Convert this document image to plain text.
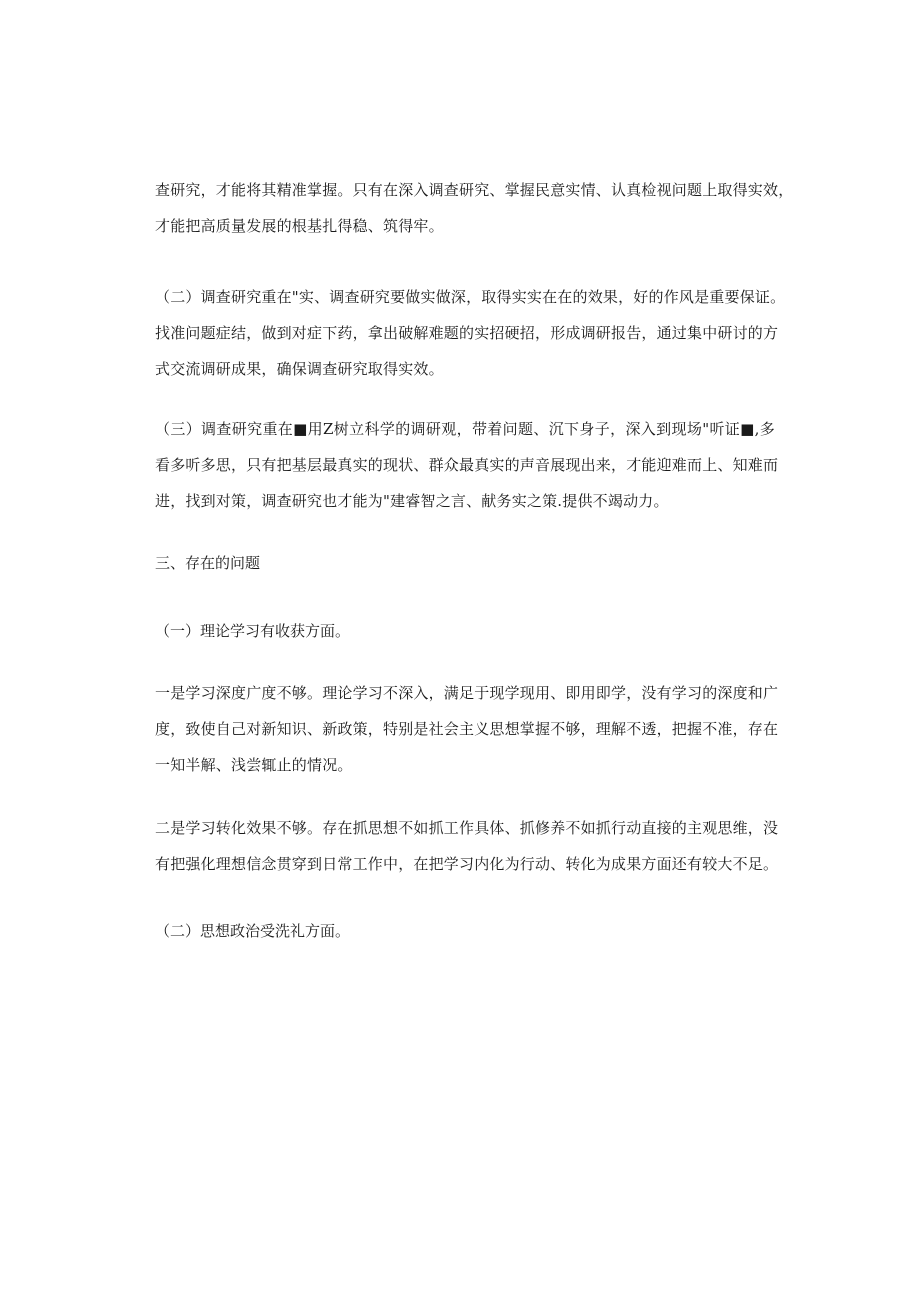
查研究，才能将其精准掌握。只有在深入调查研究、掌握民意实情、认真检视问题上取得实效，
才能把高质量发展的根基扎得稳、筑得牢。

（二）调查研究重在"实、调查研究要做实做深，取得实实在在的效果，好的作风是重要保证。
找准问题症结，做到对症下药，拿出破解难题的实招硬招，形成调研报告，通过集中研讨的方
式交流调研成果，确保调查研究取得实效。

（三）调查研究重在■用Z树立科学的调研观，带着问题、沉下身子，深入到现场"听证■,多
看多听多思，只有把基层最真实的现状、群众最真实的声音展现出来，才能迎难而上、知难而
进，找到对策，调查研究也才能为"建睿智之言、献务实之策.提供不竭动力。

三、存在的问题

（一）理论学习有收获方面。

一是学习深度广度不够。理论学习不深入，满足于现学现用、即用即学，没有学习的深度和广
度，致使自己对新知识、新政策，特别是社会主义思想掌握不够，理解不透，把握不准，存在
一知半解、浅尝辄止的情况。

二是学习转化效果不够。存在抓思想不如抓工作具体、抓修养不如抓行动直接的主观思维，没
有把强化理想信念贯穿到日常工作中，在把学习内化为行动、转化为成果方面还有较大不足。

（二）思想政治受洗礼方面。
